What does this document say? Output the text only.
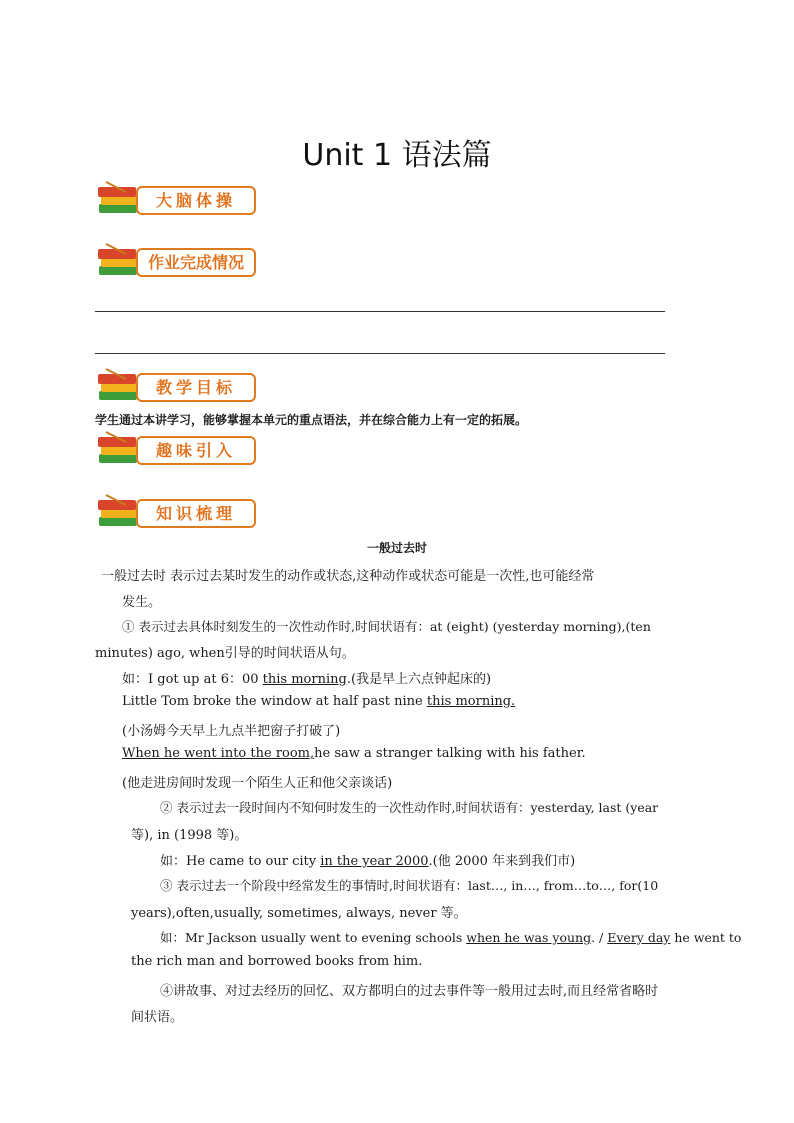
Unit 1 语法篇
大脑体操
作业完成情况
教学目标
学生通过本讲学习，能够掌握本单元的重点语法，并在综合能力上有一定的拓展。
趣味引入
知识梳理
一般过去时
一般过去时 表示过去某时发生的动作或状态,这种动作或状态可能是一次性,也可能经常
发生。
① 表示过去具体时刻发生的一次性动作时,时间状语有：at (eight) (yesterday morning),(ten
minutes) ago, when引导的时间状语从句。
如：I got up at 6：00 this morning.(我是早上六点钟起床的)
Little Tom broke the window at half past nine this morning.
(小汤姆今天早上九点半把窗子打破了)
When he went into the room,he saw a stranger talking with his father.
(他走进房间时发现一个陌生人正和他父亲谈话)
② 表示过去一段时间内不知何时发生的一次性动作时,时间状语有：yesterday, last (year
等), in (1998 等)。
如：He came to our city in the year 2000.(他 2000 年来到我们市)
③ 表示过去一个阶段中经常发生的事情时,时间状语有：last…, in…, from…to…, for(10
years),often,usually, sometimes, always, never 等。
如：Mr Jackson usually went to evening schools when he was young. / Every day he went to
the rich man and borrowed books from him.
④讲故事、对过去经历的回忆、双方都明白的过去事件等一般用过去时,而且经常省略时
间状语。
